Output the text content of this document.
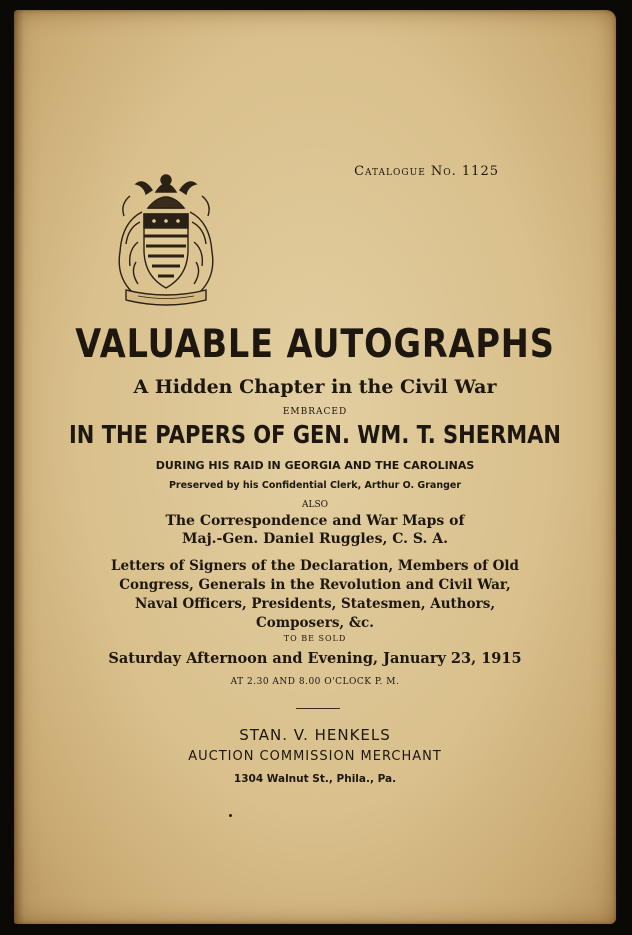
Catalogue No. 1125
VALUABLE AUTOGRAPHS
A Hidden Chapter in the Civil War
EMBRACED
IN THE PAPERS OF GEN. WM. T. SHERMAN
DURING HIS RAID IN GEORGIA AND THE CAROLINAS
Preserved by his Confidential Clerk, Arthur O. Granger
ALSO
The Correspondence and War Maps of
Maj.-Gen. Daniel Ruggles, C. S. A.
Letters of Signers of the Declaration, Members of Old
Congress, Generals in the Revolution and Civil War,
Naval Officers, Presidents, Statesmen, Authors,
Composers, &c.
TO BE SOLD
Saturday Afternoon and Evening, January 23, 1915
AT 2.30 AND 8.00 O'CLOCK P. M.
STAN. V. HENKELS
AUCTION COMMISSION MERCHANT
1304 Walnut St., Phila., Pa.
